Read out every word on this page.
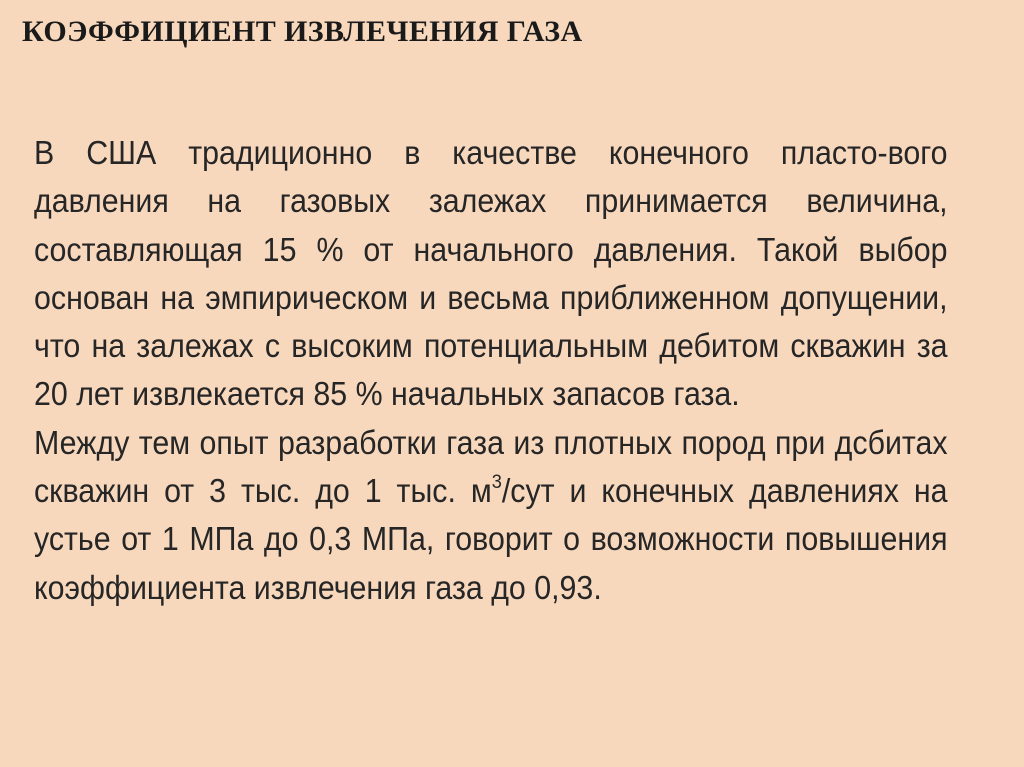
КОЭФФИЦИЕНТ ИЗВЛЕЧЕНИЯ ГАЗА

В США традиционно в качестве конечного пласто-вого давления на газовых залежах принимается величина, составляющая 15 % от начального давления. Такой выбор основан на эмпирическом и весьма приближенном допущении, что на залежах с высоким потенциальным дебитом скважин за 20 лет извлекается 85 % начальных запасов газа.

Между тем опыт разработки газа из плотных пород при дсбитах скважин от 3 тыс. до 1 тыс. $м^3$/сут и конечных давлениях на устье от 1 МПа до 0,3 МПа, говорит о возможности повышения коэффициента извлечения газа до 0,93.
